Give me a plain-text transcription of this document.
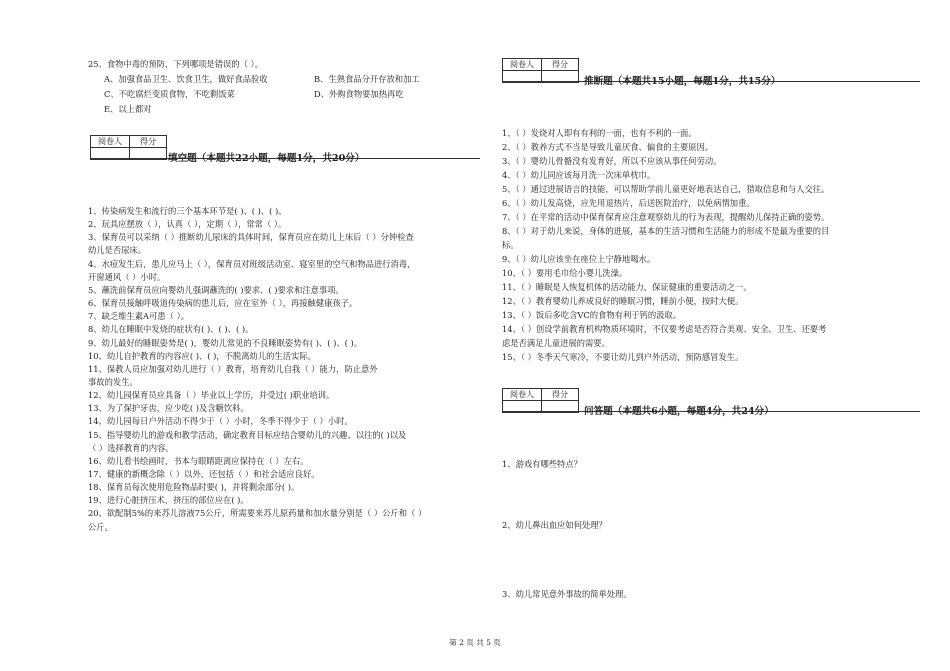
25、食物中毒的预防，下列哪项是错误的（ ）。
A、加强食品卫生、饮食卫生，做好食品验收	B、生熟食品分开存放和加工
C、不吃腐烂变质食物，不吃剩饭菜	D、外购食物要加热再吃
E、以上都对
阅卷人	得分

填空题（本题共22小题，每题1分，共20分）
1、传染病发生和流行的三个基本环节是( )、( )、( )。
2、玩具应摆放（ ），认真（ ），定期（ ），常常（ ）。
3、保育员可以采纳（ ）推断幼儿尿床的具体时间，保育员应在幼儿上床后（ ）分钟检查
幼儿是否尿床。
4、水痘发生后，患儿应马上（ ），保育员对班级活动室、寝室里的空气和物品进行消毒，
开窗通风（ ）小时。
5、蘸洗前保育员应向婴幼儿强调蘸洗的( )要求、( )要求和注意事项。
6、保育员接触呼吸道传染病的患儿后，应在室外（ ），再接触健康孩子。
7、缺乏维生素A可患（ ）。
8、幼儿在睡眠中发烧的症状有( )、( )、( )。
9、幼儿最好的睡眠姿势是( )，婴幼儿常见的不良睡眠姿势有( )、( )、( )。
10、幼儿自护教育的内容应( )、( )，不脱离幼儿的生活实际。
11、保教人员应加强对幼儿进行（ ）教育，培育幼儿自我（ ）能力，防止意外
事故的发生。
12、幼儿园保育员应具备（ ）毕业以上学历，并受过( )职业培训。
13、为了保护牙齿，应少吃( )及含糖饮料。
14、幼儿园每日户外活动不得少于（ ）小时，冬季不得少于（ ）小时。
15、指导婴幼儿的游戏和教学活动，确定教育目标应结合婴幼儿的兴趣、以往的( )以及
（ ）选择教育的内容。
16、幼儿看书绘画时，书本与眼睛距离应保持在（ ）左右。
17、健康的新概念除（ ）以外，还包括（ ）和社会适应良好。
18、保育员每次使用危险物品时要( )，并将剩余部分( )。
19、进行心脏挤压术，挤压的部位应在( )。
20、欲配制5%的来苏儿溶液75公斤，所需要来苏儿原药量和加水量分别是（ ）公斤和（ ）
公斤。
阅卷人	得分

推断题（本题共15小题，每题1分，共15分）
1、（ ）发烧对人即有有利的一面，也有不利的一面。
2、（ ）教养方式不当是导致儿童厌食、偏食的主要原因。
3、（ ）婴幼儿骨骼没有发育好，所以不应该从事任何劳动。
4、（ ）幼儿同应该每月洗一次床单枕巾。
5、（ ）通过进展语言的技能，可以帮助学前儿童更好地表达自己，猎取信息和与人交往。
6、（ ）幼儿发高烧，应先用退热片，后送医院治疗，以免病情加重。
7、（ ）在平常的活动中保育保育应注意观察幼儿的行为表现，提醒幼儿保持正确的姿势。
8、（ ）对于幼儿来说，身体的进展，基本的生活习惯和生活能力的形成不是最为重要的目
标。
9、（ ）幼儿应该坐在座位上宁静地喝水。
10、（ ）要用毛巾给小婴儿洗澡。
11、（ ）睡眠是人恢复机体的活动能力，保证健康的重要活动之一。
12、（ ）教育婴幼儿养成良好的睡眠习惯，睡前小便，按时大便。
13、（ ）饭后多吃含VC的食物有利于钙的汲取。
14、（ ）创设学前教育机构物质环境时，不仅要考虑是否符合美观、安全、卫生、还要考
虑是否满足儿童进展的需要。
15、（ ）冬季天气寒冷，不要让幼儿到户外活动，预防感冒发生。
阅卷人	得分

问答题（本题共6小题，每题4分，共24分）
1、游戏有哪些特点？
2、幼儿鼻出血应如何处理？
3、幼儿常见意外事故的简单处理。
第 2 页 共 5 页
